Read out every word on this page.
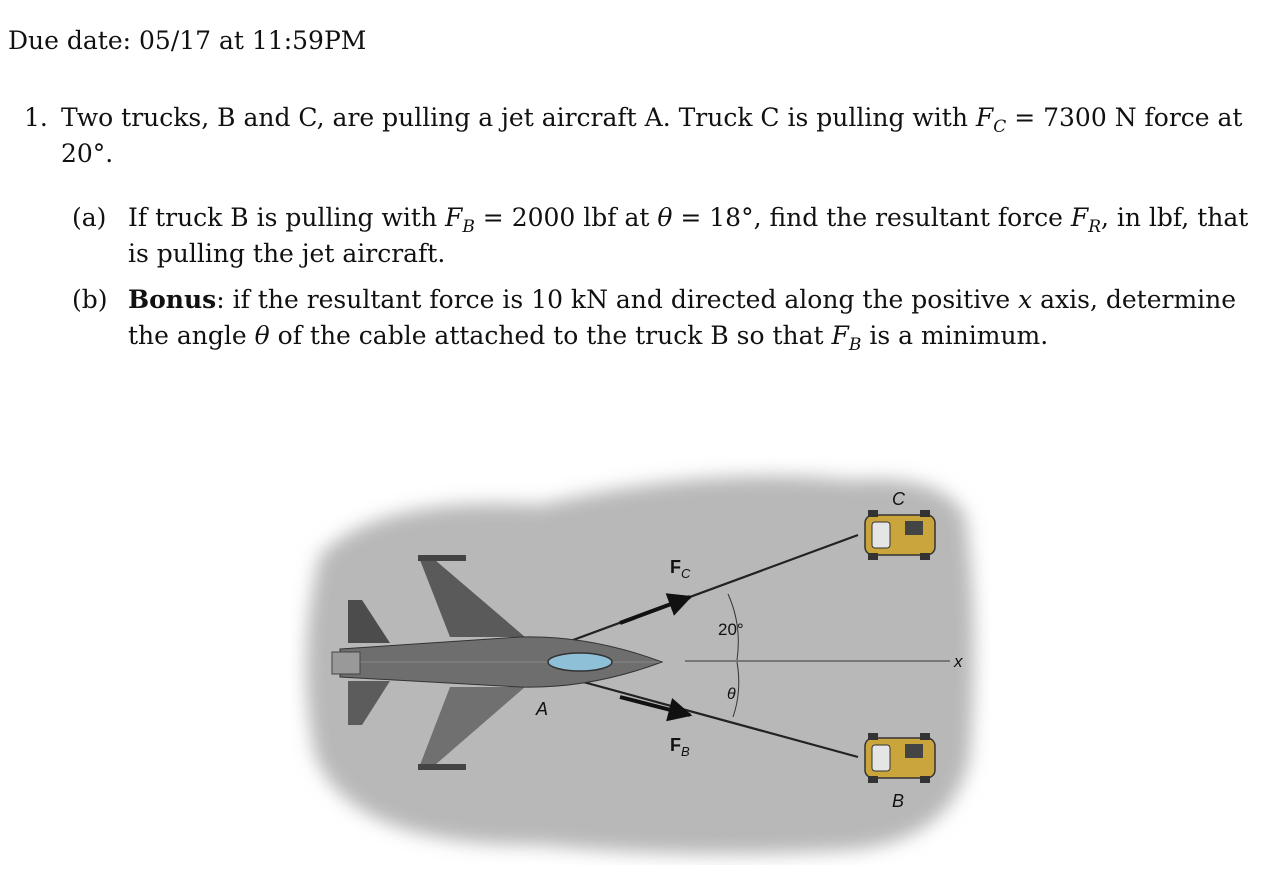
Due date: 05/17 at 11:59PM
1. Two trucks, B and C, are pulling a jet aircraft A. Truck C is pulling with $F_C = 7300$ N force at 20°.
(a) If truck B is pulling with $F_B = 2000$ lbf at θ = 18°, find the resultant force $F_R$, in lbf, that is pulling the jet aircraft.
(b) Bonus: if the resultant force is 10 kN and directed along the positive x axis, determine the angle θ of the cable attached to the truck B so that $F_B$ is a minimum.
x
$F_C$
$F_B$
20°
θ
A
C
B
